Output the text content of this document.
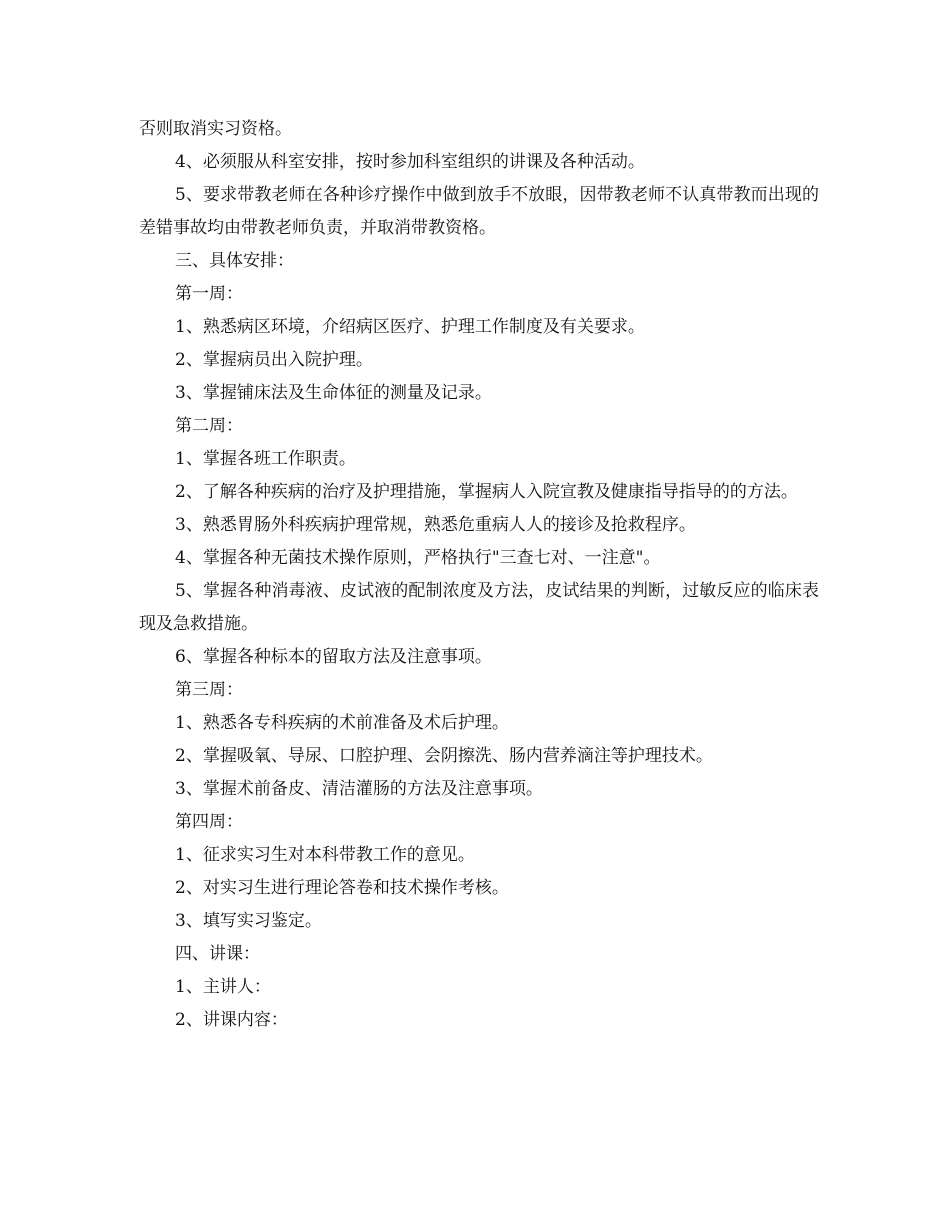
否则取消实习资格。

4、必须服从科室安排，按时参加科室组织的讲课及各种活动。

5、要求带教老师在各种诊疗操作中做到放手不放眼，因带教老师不认真带教而出现的差错事故均由带教老师负责，并取消带教资格。

三、具体安排：

第一周：

1、熟悉病区环境，介绍病区医疗、护理工作制度及有关要求。

2、掌握病员出入院护理。

3、掌握铺床法及生命体征的测量及记录。

第二周：

1、掌握各班工作职责。

2、了解各种疾病的治疗及护理措施，掌握病人入院宣教及健康指导指导的的方法。

3、熟悉胃肠外科疾病护理常规，熟悉危重病人人的接诊及抢救程序。

4、掌握各种无菌技术操作原则，严格执行"三查七对、一注意"。

5、掌握各种消毒液、皮试液的配制浓度及方法，皮试结果的判断，过敏反应的临床表现及急救措施。

6、掌握各种标本的留取方法及注意事项。

第三周：

1、熟悉各专科疾病的术前准备及术后护理。

2、掌握吸氧、导尿、口腔护理、会阴擦洗、肠内营养滴注等护理技术。

3、掌握术前备皮、清洁灌肠的方法及注意事项。

第四周：

1、征求实习生对本科带教工作的意见。

2、对实习生进行理论答卷和技术操作考核。

3、填写实习鉴定。

四、讲课：

1、主讲人：

2、讲课内容：
